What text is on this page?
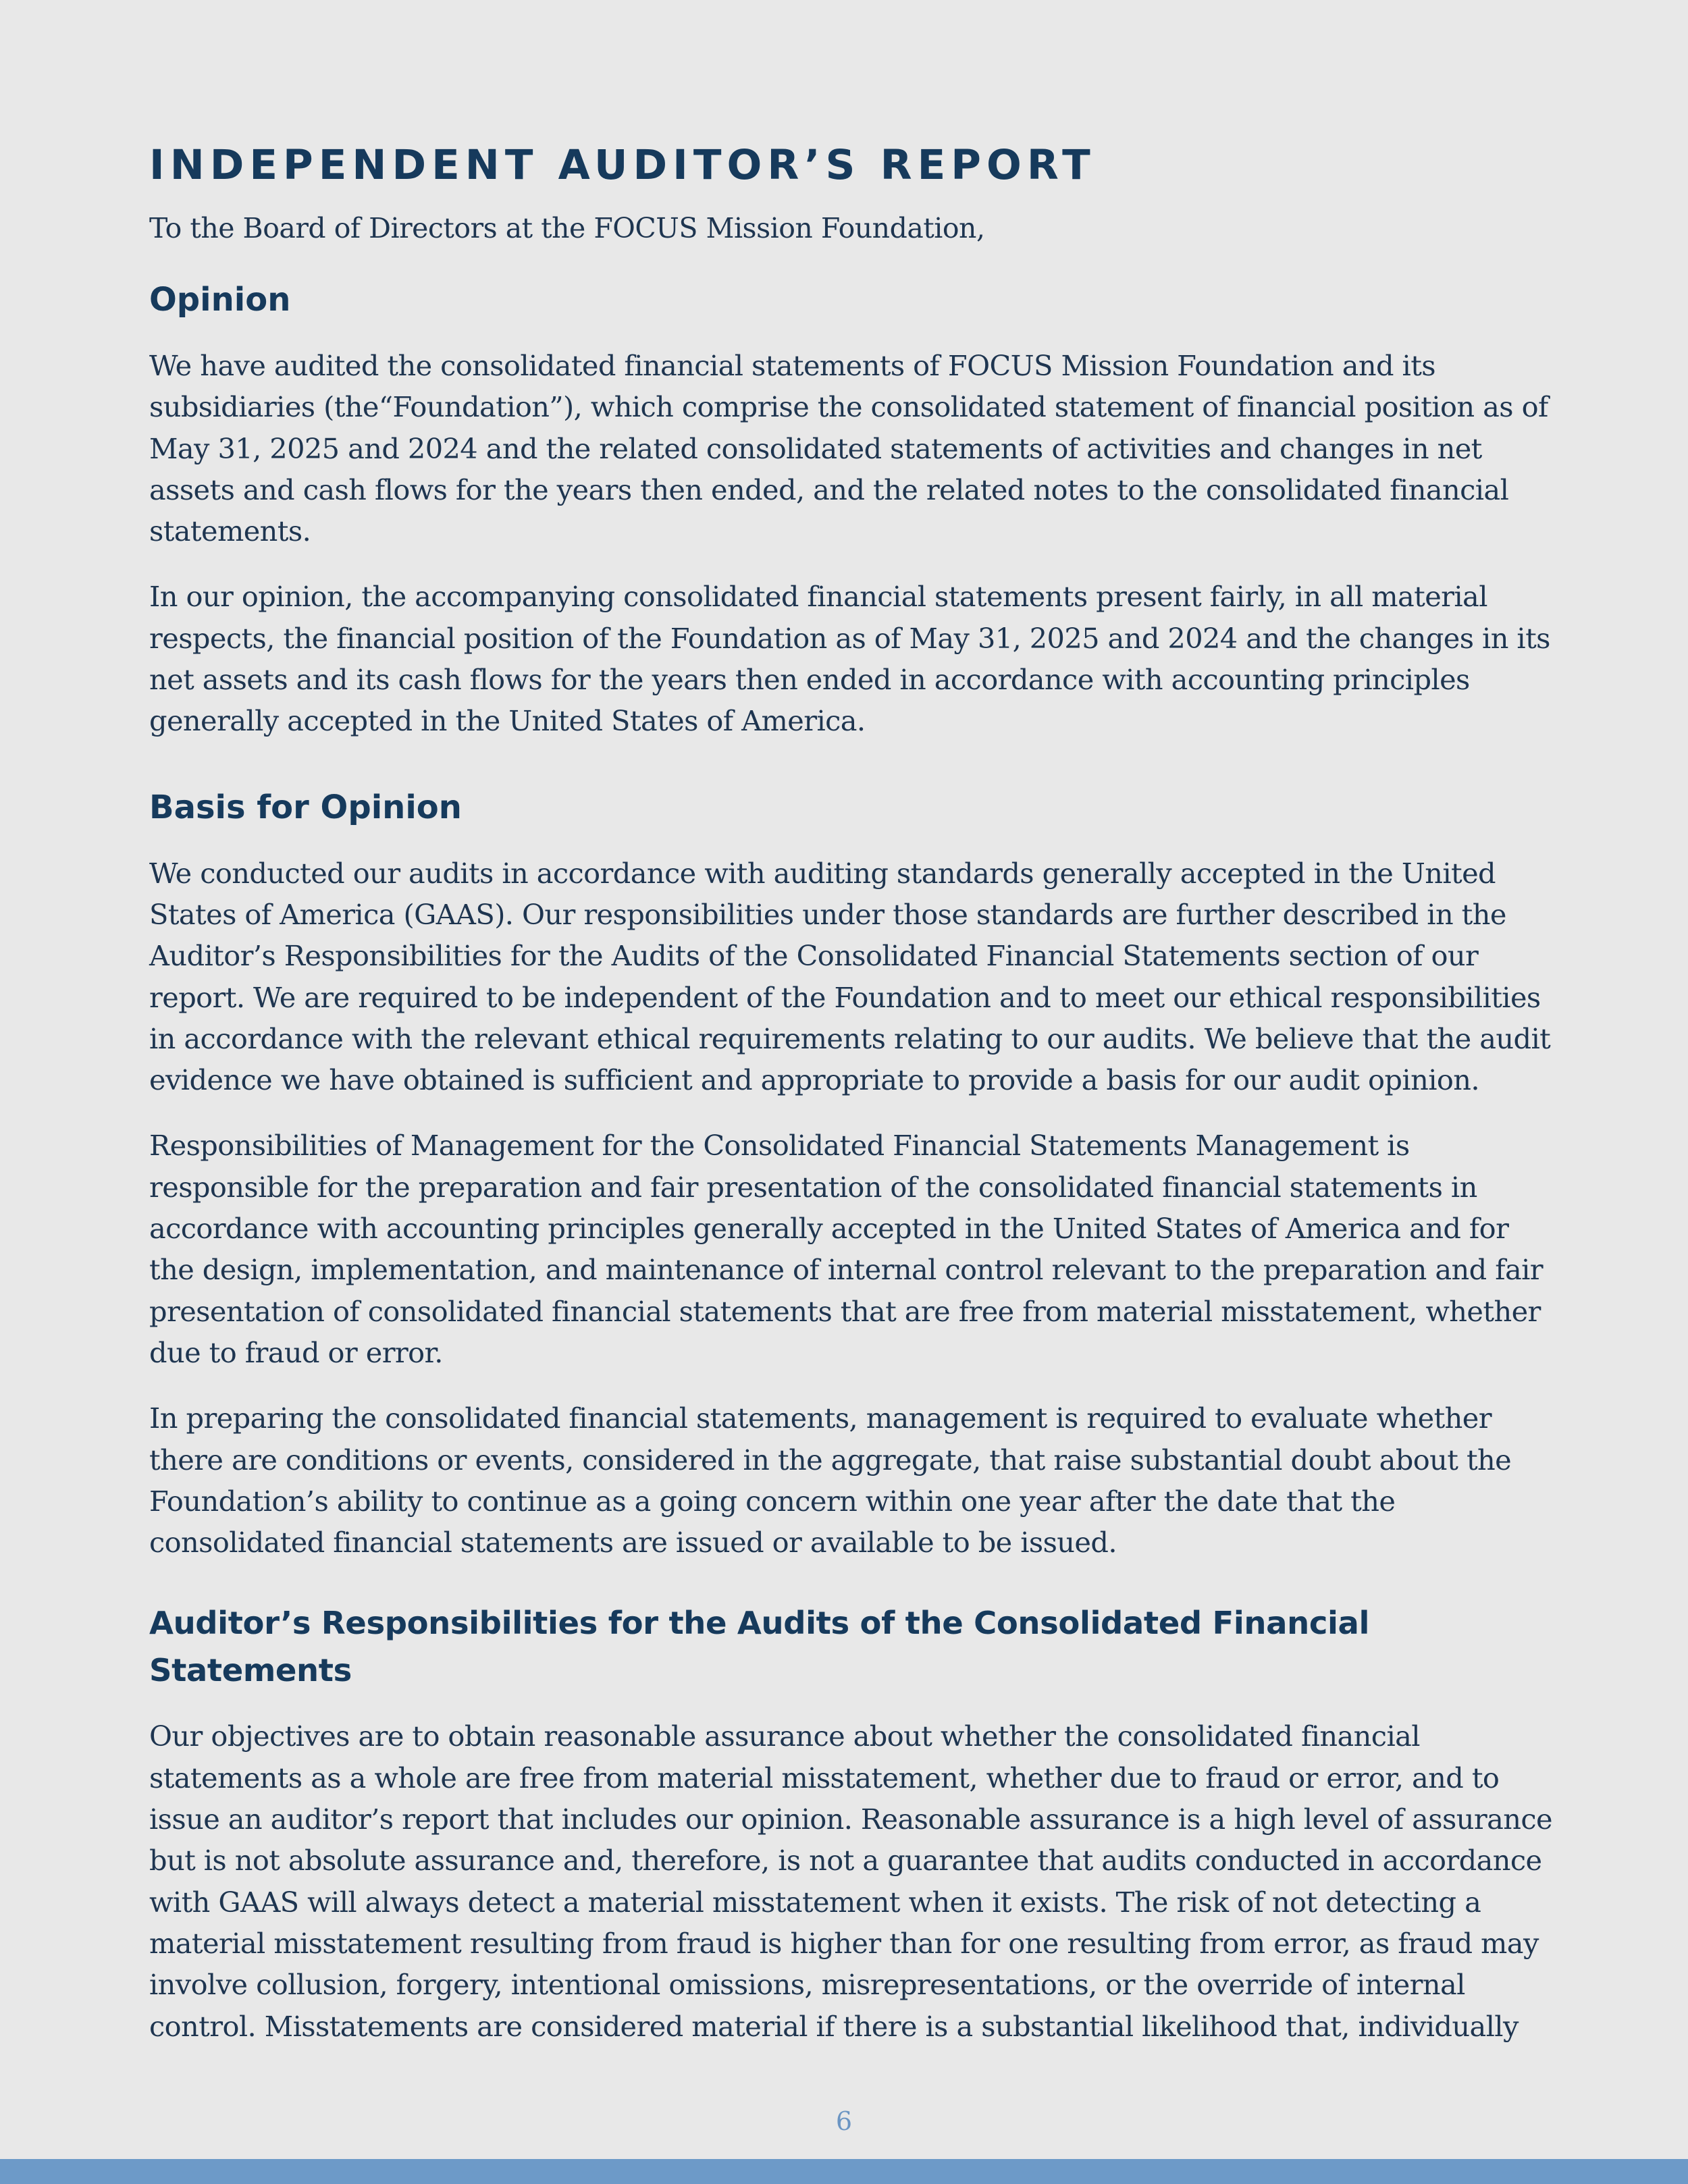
INDEPENDENT AUDITOR’S REPORT

To the Board of Directors at the FOCUS Mission Foundation,

Opinion

We have audited the consolidated financial statements of FOCUS Mission Foundation and its subsidiaries (the“Foundation”), which comprise the consolidated statement of financial position as of May 31, 2025 and 2024 and the related consolidated statements of activities and changes in net assets and cash flows for the years then ended, and the related notes to the consolidated financial statements.

In our opinion, the accompanying consolidated financial statements present fairly, in all material respects, the financial position of the Foundation as of May 31, 2025 and 2024 and the changes in its net assets and its cash flows for the years then ended in accordance with accounting principles generally accepted in the United States of America.

Basis for Opinion

We conducted our audits in accordance with auditing standards generally accepted in the United States of America (GAAS). Our responsibilities under those standards are further described in the Auditor’s Responsibilities for the Audits of the Consolidated Financial Statements section of our report. We are required to be independent of the Foundation and to meet our ethical responsibilities in accordance with the relevant ethical requirements relating to our audits. We believe that the audit evidence we have obtained is sufficient and appropriate to provide a basis for our audit opinion.

Responsibilities of Management for the Consolidated Financial Statements Management is responsible for the preparation and fair presentation of the consolidated financial statements in accordance with accounting principles generally accepted in the United States of America and for the design, implementation, and maintenance of internal control relevant to the preparation and fair presentation of consolidated financial statements that are free from material misstatement, whether due to fraud or error.

In preparing the consolidated financial statements, management is required to evaluate whether there are conditions or events, considered in the aggregate, that raise substantial doubt about the Foundation’s ability to continue as a going concern within one year after the date that the consolidated financial statements are issued or available to be issued.

Auditor’s Responsibilities for the Audits of the Consolidated Financial Statements

Our objectives are to obtain reasonable assurance about whether the consolidated financial statements as a whole are free from material misstatement, whether due to fraud or error, and to issue an auditor’s report that includes our opinion. Reasonable assurance is a high level of assurance but is not absolute assurance and, therefore, is not a guarantee that audits conducted in accordance with GAAS will always detect a material misstatement when it exists. The risk of not detecting a material misstatement resulting from fraud is higher than for one resulting from error, as fraud may involve collusion, forgery, intentional omissions, misrepresentations, or the override of internal control. Misstatements are considered material if there is a substantial likelihood that, individually

6
